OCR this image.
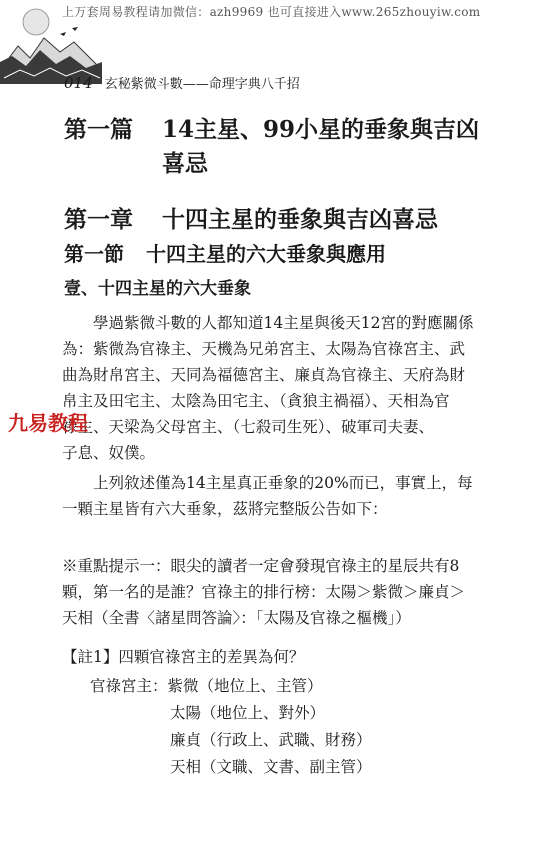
上万套周易教程请加微信：azh9969 也可直接进入www.265zhouyiw.com
014 玄秘紫微斗數——命理字典八千招
第一篇 14主星、99小星的垂象與吉凶
喜忌
第一章 十四主星的垂象與吉凶喜忌
第一節 十四主星的六大垂象與應用
壹、十四主星的六大垂象
　　學過紫微斗數的人都知道14主星與後天12宮的對應關係
為：紫微為官祿主、天機為兄弟宮主、太陽為官祿宮主、武
曲為財帛宮主、天同為福德宮主、廉貞為官祿主、天府為財
帛主及田宅主、太陰為田宅主、（貪狼主禍福）、天相為官
祿主、天梁為父母宮主、（七殺司生死）、破軍司夫妻、
子息、奴僕。
　　上列敘述僅為14主星真正垂象的20%而已，事實上，每
一顆主星皆有六大垂象，茲將完整版公告如下：
※重點提示一：眼尖的讀者一定會發現官祿主的星辰共有8
顆，第一名的是誰？官祿主的排行榜：太陽＞紫微＞廉貞＞
天相（全書〈諸星問答論〉：「太陽及官祿之樞機」）
【註1】四顆官祿宮主的差異為何？
官祿宮主：紫微（地位上、主管）
太陽（地位上、對外）
廉貞（行政上、武職、財務）
天相（文職、文書、副主管）
九易教程
